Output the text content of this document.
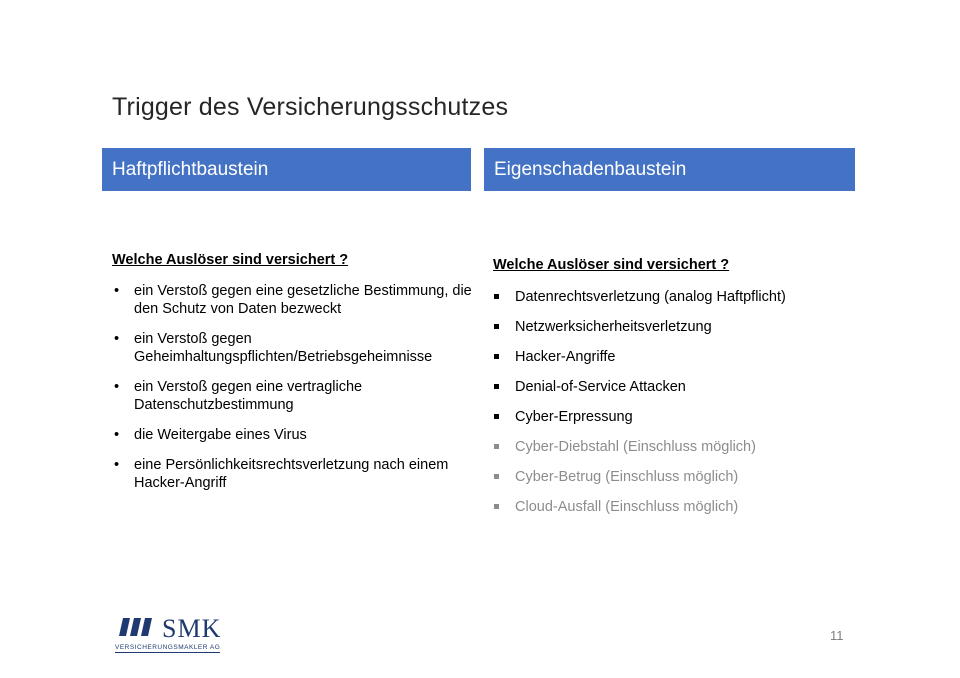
Trigger des Versicherungsschutzes
Haftpflichtbaustein	Eigenschadenbaustein
Welche Auslöser sind versichert ?	Welche Auslöser sind versichert ?
• ein Verstoß gegen eine gesetzliche Bestimmung, die den Schutz von Daten bezweckt
• ein Verstoß gegen Geheimhaltungspflichten/Betriebsgeheimnisse
• ein Verstoß gegen eine vertragliche Datenschutzbestimmung
• die Weitergabe eines Virus
• eine Persönlichkeitsrechtsverletzung nach einem Hacker-Angriff
Datenrechtsverletzung (analog Haftpflicht)
Netzwerksicherheitsverletzung
Hacker-Angriffe
Denial-of-Service Attacken
Cyber-Erpressung
Cyber-Diebstahl (Einschluss möglich)
Cyber-Betrug (Einschluss möglich)
Cloud-Ausfall (Einschluss möglich)
SMK
VERSICHERUNGSMAKLER AG
11
